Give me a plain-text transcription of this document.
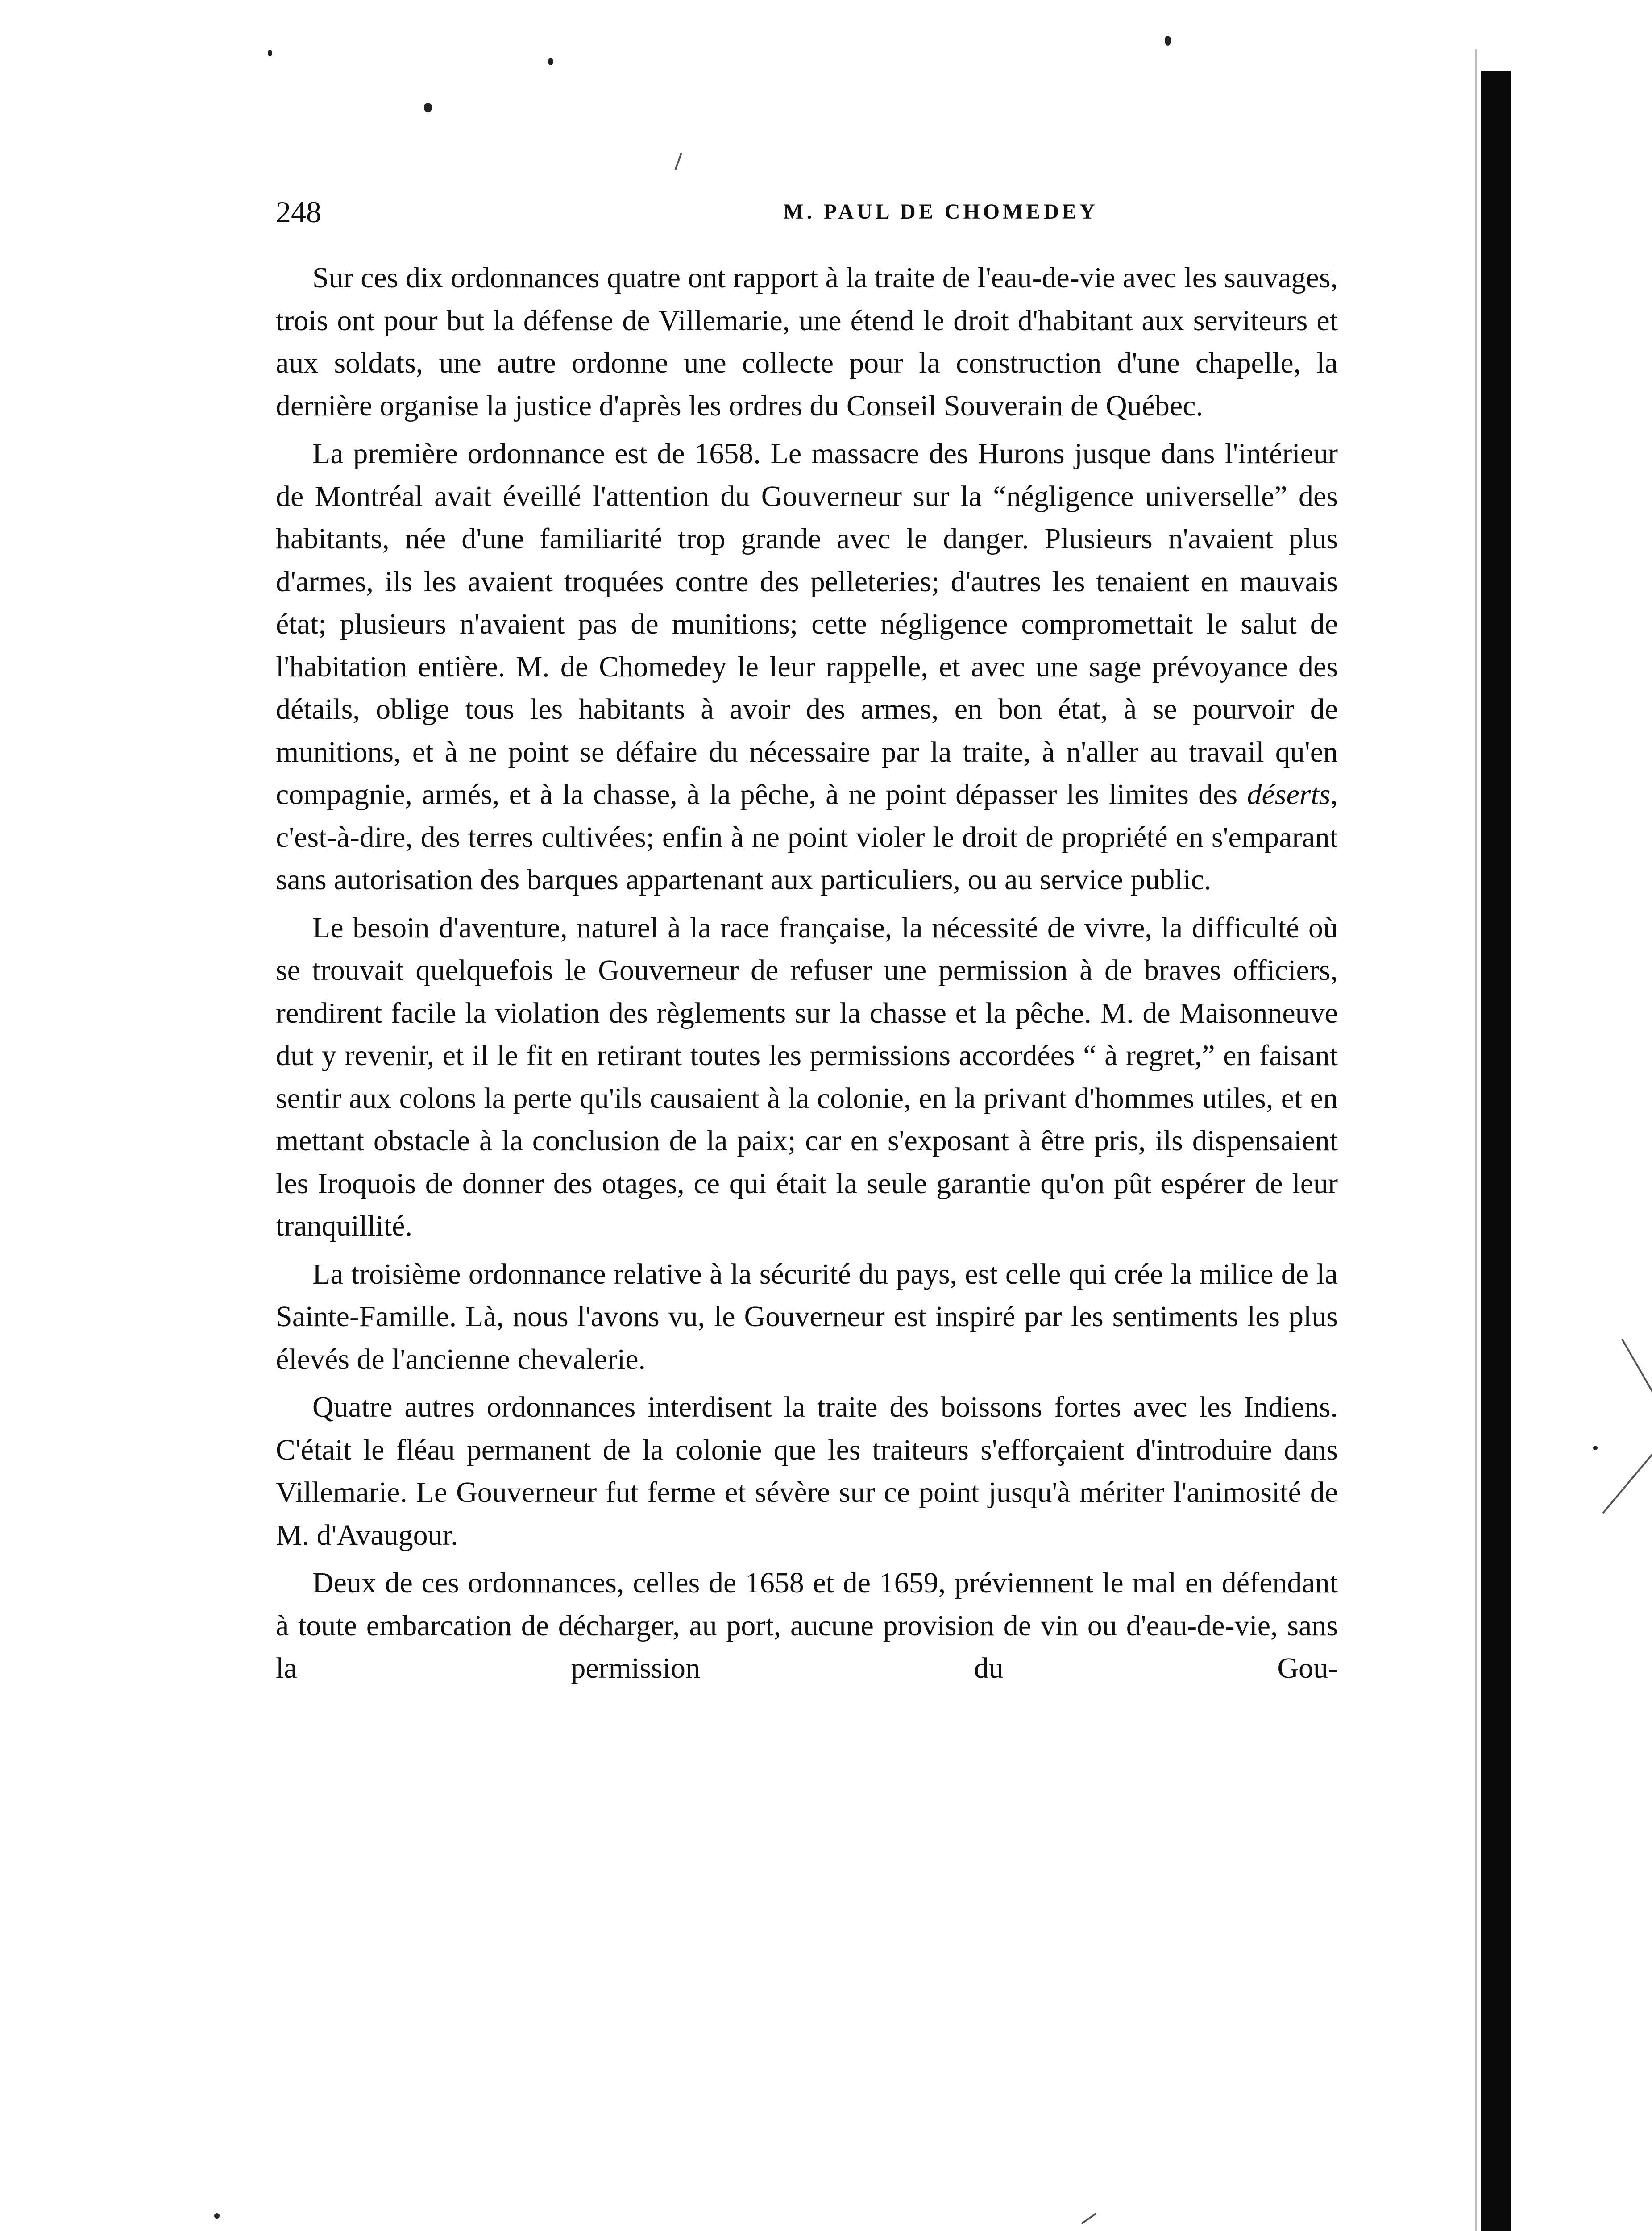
248	M. PAUL DE CHOMEDEY

Sur ces dix ordonnances quatre ont rapport à la traite de l'eau-de-vie avec les sauvages, trois ont pour but la défense de Villemarie, une étend le droit d'habitant aux serviteurs et aux soldats, une autre ordonne une collecte pour la construction d'une chapelle, la dernière organise la justice d'après les ordres du Conseil Souverain de Québec.

La première ordonnance est de 1658. Le massacre des Hurons jusque dans l'intérieur de Montréal avait éveillé l'attention du Gouverneur sur la “négligence universelle” des habitants, née d'une familiarité trop grande avec le danger. Plusieurs n'avaient plus d'armes, ils les avaient troquées contre des pelleteries; d'autres les tenaient en mauvais état; plusieurs n'avaient pas de munitions; cette négligence compromettait le salut de l'habitation entière. M. de Chomedey le leur rappelle, et avec une sage prévoyance des détails, oblige tous les habitants à avoir des armes, en bon état, à se pourvoir de munitions, et à ne point se défaire du nécessaire par la traite, à n'aller au travail qu'en compagnie, armés, et à la chasse, à la pêche, à ne point dépasser les limites des déserts, c'est-à-dire, des terres cultivées; enfin à ne point violer le droit de propriété en s'emparant sans autorisation des barques appartenant aux particuliers, ou au service public.

Le besoin d'aventure, naturel à la race française, la nécessité de vivre, la difficulté où se trouvait quelquefois le Gouverneur de refuser une permission à de braves officiers, rendirent facile la violation des règlements sur la chasse et la pêche. M. de Maisonneuve dut y revenir, et il le fit en retirant toutes les permissions accordées “ à regret,” en faisant sentir aux colons la perte qu'ils causaient à la colonie, en la privant d'hommes utiles, et en mettant obstacle à la conclusion de la paix; car en s'exposant à être pris, ils dispensaient les Iroquois de donner des otages, ce qui était la seule garantie qu'on pût espérer de leur tranquillité.

La troisième ordonnance relative à la sécurité du pays, est celle qui crée la milice de la Sainte-Famille. Là, nous l'avons vu, le Gouverneur est inspiré par les sentiments les plus élevés de l'ancienne chevalerie.

Quatre autres ordonnances interdisent la traite des boissons fortes avec les Indiens. C'était le fléau permanent de la colonie que les traiteurs s'efforçaient d'introduire dans Villemarie. Le Gouverneur fut ferme et sévère sur ce point jusqu'à mériter l'animosité de M. d'Avaugour.

Deux de ces ordonnances, celles de 1658 et de 1659, préviennent le mal en défendant à toute embarcation de décharger, au port, aucune provision de vin ou d'eau-de-vie, sans la permission du Gou-
